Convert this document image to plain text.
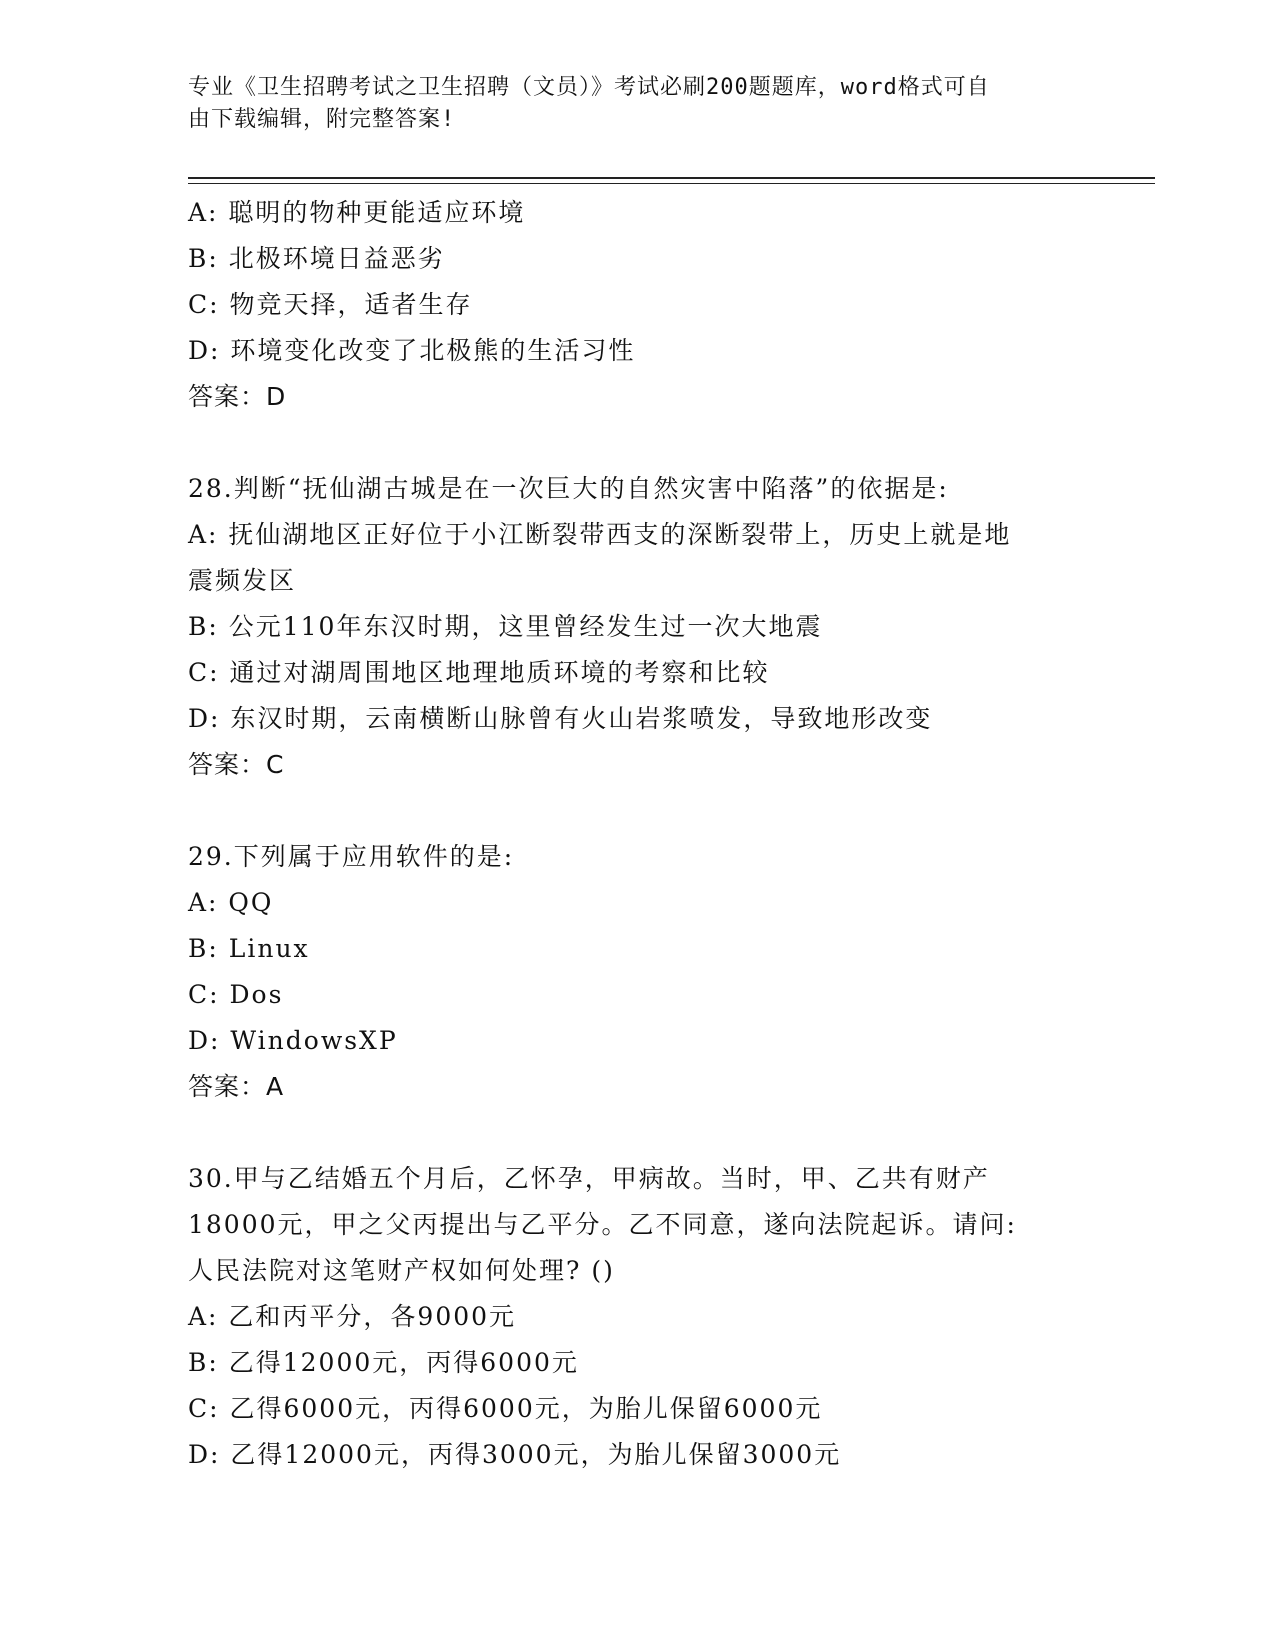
专业《卫生招聘考试之卫生招聘（文员）》考试必刷200题题库，word格式可自
由下载编辑，附完整答案!
A: 聪明的物种更能适应环境
B: 北极环境日益恶劣
C: 物竞天择，适者生存
D: 环境变化改变了北极熊的生活习性
答案：D
28.判断“抚仙湖古城是在一次巨大的自然灾害中陷落”的依据是:
A: 抚仙湖地区正好位于小江断裂带西支的深断裂带上，历史上就是地
震频发区
B: 公元110年东汉时期，这里曾经发生过一次大地震
C: 通过对湖周围地区地理地质环境的考察和比较
D: 东汉时期，云南横断山脉曾有火山岩浆喷发，导致地形改变
答案：C
29.下列属于应用软件的是:
A: QQ
B: Linux
C: Dos
D: WindowsXP
答案：A
30.甲与乙结婚五个月后，乙怀孕，甲病故。当时，甲、乙共有财产
18000元，甲之父丙提出与乙平分。乙不同意，遂向法院起诉。请问:
人民法院对这笔财产权如何处理? ()
A: 乙和丙平分，各9000元
B: 乙得12000元，丙得6000元
C: 乙得6000元，丙得6000元，为胎儿保留6000元
D: 乙得12000元，丙得3000元，为胎儿保留3000元
